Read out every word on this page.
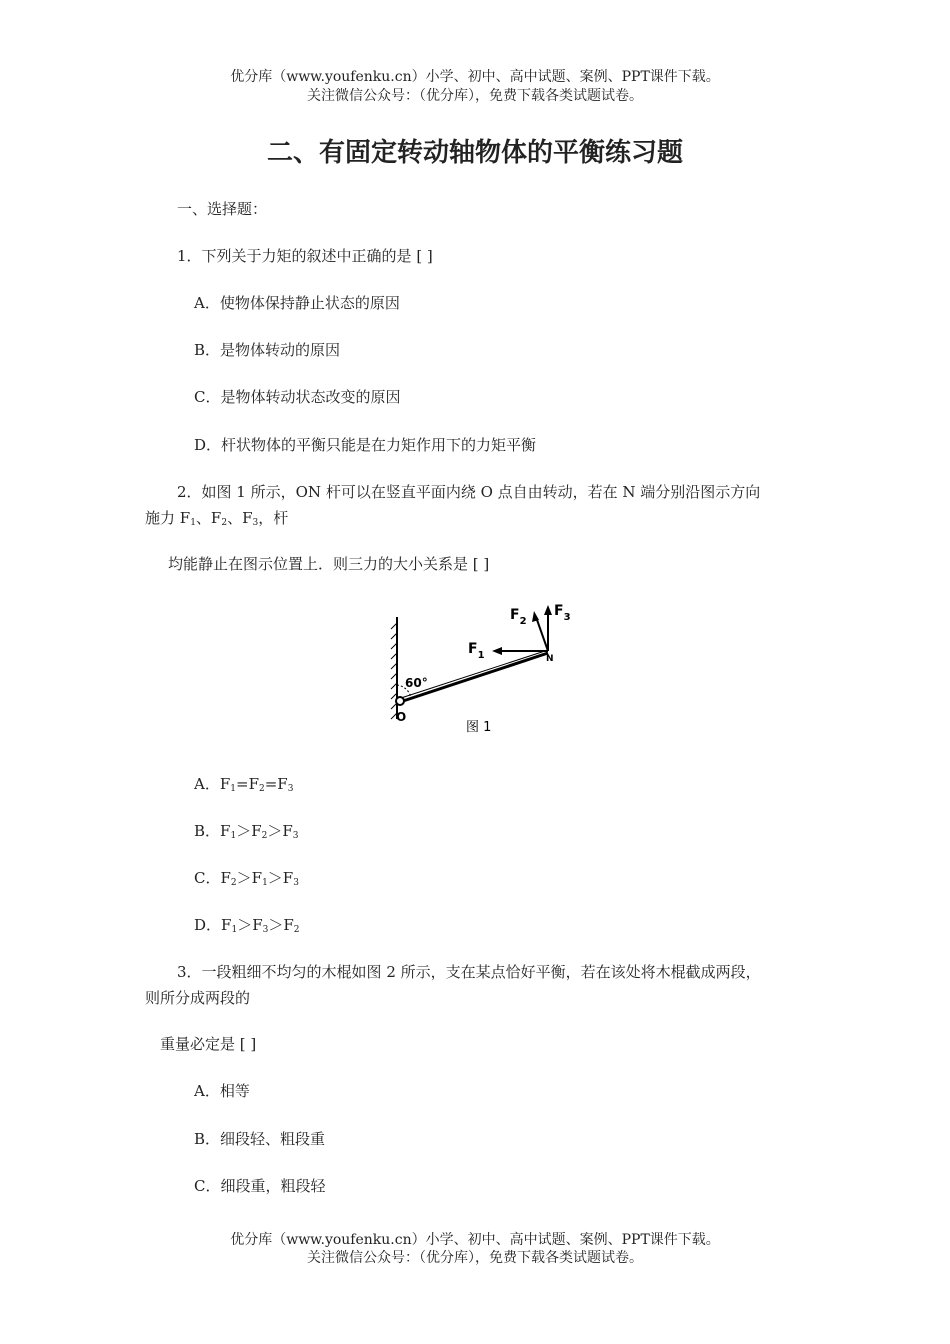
优分库（www.youfenku.cn）小学、初中、高中试题、案例、PPT课件下载。
关注微信公众号：（优分库），免费下载各类试题试卷。
二、有固定转动轴物体的平衡练习题
一、选择题：
1．下列关于力矩的叙述中正确的是 [ ]
A．使物体保持静止状态的原因
B．是物体转动的原因
C．是物体转动状态改变的原因
D．杆状物体的平衡只能是在力矩作用下的力矩平衡
2．如图 1 所示，ON 杆可以在竖直平面内绕 O 点自由转动，若在 N 端分别沿图示方向
施力 $F_1$、$F_2$、$F_3$，杆
均能静止在图示位置上．则三力的大小关系是 [ ]
60°
O
N
$F_1$
$F_2$
$F_3$
图 1
A．$F_1=F_2=F_3$
B．$F_1>F_2>F_3$
C．$F_2>F_1>F_3$
D．$F_1>F_3>F_2$
3．一段粗细不均匀的木棍如图 2 所示，支在某点恰好平衡，若在该处将木棍截成两段，
则所分成两段的
重量必定是 [ ]
A．相等
B．细段轻、粗段重
C．细段重，粗段轻
优分库（www.youfenku.cn）小学、初中、高中试题、案例、PPT课件下载。
关注微信公众号：（优分库），免费下载各类试题试卷。
